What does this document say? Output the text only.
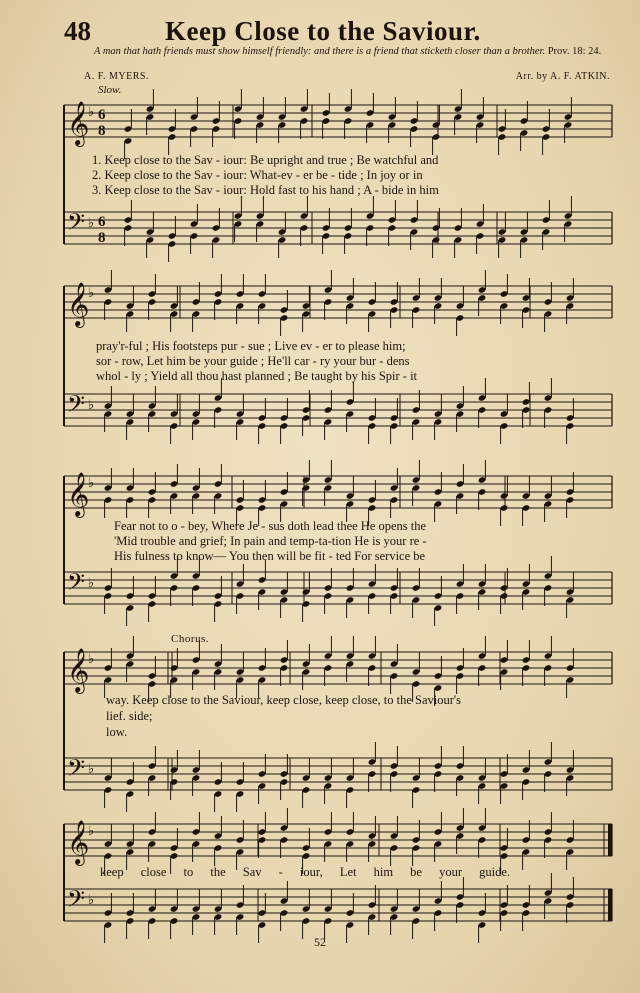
48	Keep Close to the Saviour.
A man that hath friends must show himself friendly: and there is a friend that sticketh closer than a brother. Prov. 18: 24.
A. F. MYERS.	Arr. by A. F. ATKIN.
Slow.
Chorus.
𝄞
♭ 6
8
𝄢 ♭ 6
8
𝄞
♭
𝄢 ♭
𝄞
♭
𝄢 ♭
𝄞
♭
𝄢 ♭
𝄞
♭
𝄢 ♭
1. Keep close to the Sav - iour: Be upright and true ; Be watchful and
2. Keep close to the Sav - iour: What-ev - er be - tide ; In joy or in
3. Keep close to the Sav - iour: Hold fast to his hand ; A - bide in him
pray'r-ful ; His footsteps pur - sue ; Live ev - er to please him;
sor - row, Let him be your guide ; He'll car - ry your bur - dens
whol - ly ; Yield all thou hast planned ; Be taught by his Spir - it
Fear not to o - bey, Where Je - sus doth lead thee He opens the
'Mid trouble and grief; In pain and temp-ta-tion He is your re -
His fulness to know— You then will be fit - ted For service be
way. Keep close to the Saviour, keep close, keep close, to the Saviour's
lief. side;
low.
keep close to the Sav - iour, Let him be your guide.
52
